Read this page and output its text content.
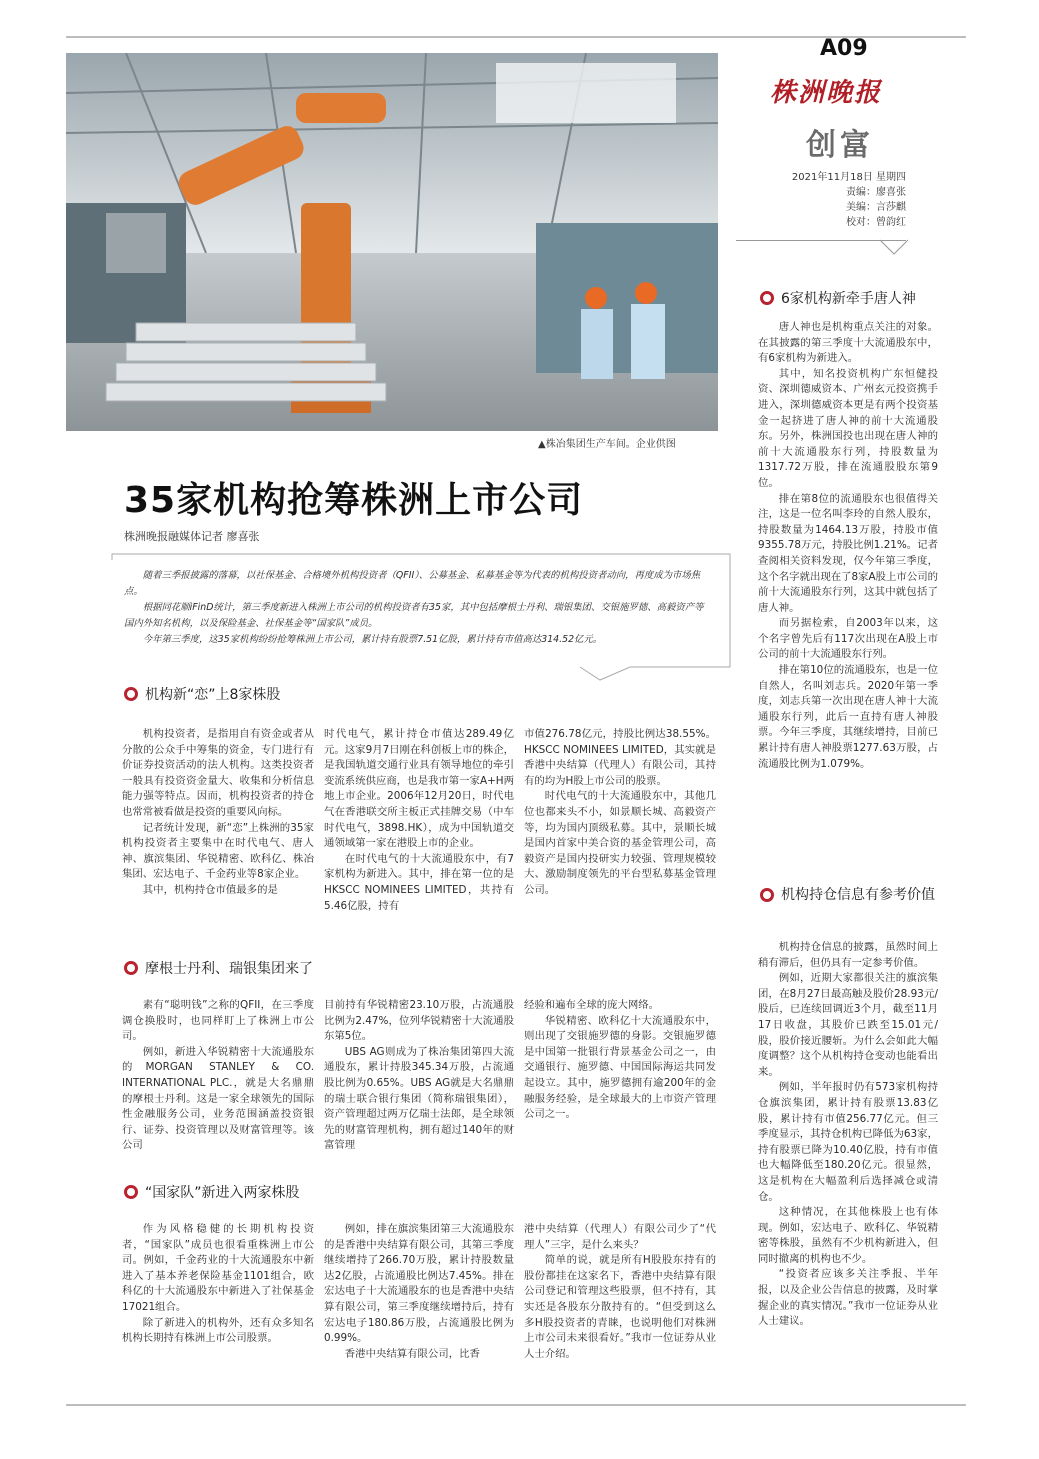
A09
株洲晚报
创富
2021年11月18日 星期四
责编：廖喜张
美编：言莎麒
校对：曾韵红
▲株冶集团生产车间。企业供图
35家机构抢筹株洲上市公司
株洲晚报融媒体记者 廖喜张

随着三季报披露的落幕，以社保基金、合格境外机构投资者（QFII）、公募基金、私募基金等为代表的机构投资者动向，再度成为市场焦点。

根据同花顺iFinD统计，第三季度新进入株洲上市公司的机构投资者有35家，其中包括摩根士丹利、瑞银集团、交银施罗德、高毅资产等国内外知名机构，以及保险基金、社保基金等“国家队”成员。

今年第三季度，这35家机构纷纷抢筹株洲上市公司，累计持有股票7.51亿股，累计持有市值高达314.52亿元。

机构新“恋”上8家株股

机构投资者，是指用自有资金或者从分散的公众手中筹集的资金，专门进行有价证券投资活动的法人机构。这类投资者一般具有投资资金量大、收集和分析信息能力强等特点。因而，机构投资者的持仓也常常被看做是投资的重要风向标。

记者统计发现，新“恋”上株洲的35家机构投资者主要集中在时代电气、唐人神、旗滨集团、华锐精密、欧科亿、株冶集团、宏达电子、千金药业等8家企业。

其中，机构持仓市值最多的是

时代电气，累计持仓市值达289.49亿元。这家9月7日刚在科创板上市的株企，是我国轨道交通行业具有领导地位的牵引变流系统供应商，也是我市第一家A+H两地上市企业。2006年12月20日，时代电气在香港联交所主板正式挂牌交易（中车时代电气，3898.HK），成为中国轨道交通领域第一家在港股上市的企业。

在时代电气的十大流通股东中，有7家机构为新进入。其中，排在第一位的是HKSCC NOMINEES LIMITED，共持有5.46亿股，持有

市值276.78亿元，持股比例达38.55%。HKSCC NOMINEES LIMITED，其实就是香港中央结算（代理人）有限公司，其持有的均为H股上市公司的股票。

时代电气的十大流通股东中，其他几位也都来头不小，如景顺长城、高毅资产等，均为国内顶级私募。其中，景顺长城是国内首家中美合资的基金管理公司，高毅资产是国内投研实力较强、管理规模较大、激励制度领先的平台型私募基金管理公司。

摩根士丹利、瑞银集团来了

素有“聪明钱”之称的QFII，在三季度调仓换股时，也同样盯上了株洲上市公司。

例如，新进入华锐精密十大流通股东的MORGAN STANLEY & CO. INTERNATIONAL PLC.，就是大名鼎鼎的摩根士丹利。这是一家全球领先的国际性金融服务公司，业务范围涵盖投资银行、证券、投资管理以及财富管理等。该公司

目前持有华锐精密23.10万股，占流通股比例为2.47%，位列华锐精密十大流通股东第5位。

UBS AG则成为了株冶集团第四大流通股东，累计持股345.34万股，占流通股比例为0.65%。UBS AG就是大名鼎鼎的瑞士联合银行集团（简称瑞银集团），资产管理超过两万亿瑞士法郎，是全球领先的财富管理机构，拥有超过140年的财富管理

经验和遍布全球的庞大网络。

华锐精密、欧科亿十大流通股东中，则出现了交银施罗德的身影。交银施罗德是中国第一批银行背景基金公司之一，由交通银行、施罗德、中国国际海运共同发起设立。其中，施罗德拥有逾200年的金融服务经验，是全球最大的上市资产管理公司之一。

“国家队”新进入两家株股

作为风格稳健的长期机构投资者，“国家队”成员也很看重株洲上市公司。例如，千金药业的十大流通股东中新进入了基本养老保险基金1101组合，欧科亿的十大流通股东中新进入了社保基金17021组合。

除了新进入的机构外，还有众多知名机构长期持有株洲上市公司股票。

例如，排在旗滨集团第三大流通股东的是香港中央结算有限公司，其第三季度继续增持了266.70万股，累计持股数量达2亿股，占流通股比例达7.45%。排在宏达电子十大流通股东的也是香港中央结算有限公司，第三季度继续增持后，持有宏达电子180.86万股，占流通股比例为0.99%。

香港中央结算有限公司，比香

港中央结算（代理人）有限公司少了“代理人”三字，是什么来头？

简单的说，就是所有H股股东持有的股份都挂在这家名下，香港中央结算有限公司登记和管理这些股票，但不持有，其实还是各股东分散持有的。“但受到这么多H股投资者的青睐，也说明他们对株洲上市公司未来很看好。”我市一位证券从业人士介绍。

6家机构新牵手唐人神

唐人神也是机构重点关注的对象。在其披露的第三季度十大流通股东中，有6家机构为新进入。

其中，知名投资机构广东恒健投资、深圳德威资本、广州玄元投资携手进入，深圳德威资本更是有两个投资基金一起挤进了唐人神的前十大流通股东。另外，株洲国投也出现在唐人神的前十大流通股东行列，持股数量为1317.72万股，排在流通股股东第9位。

排在第8位的流通股东也很值得关注，这是一位名叫李玲的自然人股东，持股数量为1464.13万股，持股市值9355.78万元，持股比例1.21%。记者查阅相关资料发现，仅今年第三季度，这个名字就出现在了8家A股上市公司的前十大流通股东行列，这其中就包括了唐人神。

而另据检索，自2003年以来，这个名字曾先后有117次出现在A股上市公司的前十大流通股东行列。

排在第10位的流通股东，也是一位自然人，名叫刘志兵。2020年第一季度，刘志兵第一次出现在唐人神十大流通股东行列，此后一直持有唐人神股票。今年三季度，其继续增持，目前已累计持有唐人神股票1277.63万股，占流通股比例为1.079%。

机构持仓信息有参考价值

机构持仓信息的披露，虽然时间上稍有滞后，但仍具有一定参考价值。

例如，近期大家都很关注的旗滨集团，在8月27日最高触及股价28.93元/股后，已连续回调近3个月，截至11月17日收盘，其股价已跌至15.01元/股，股价接近腰斩。为什么会如此大幅度调整？这个从机构持仓变动也能看出来。

例如，半年报时仍有573家机构持仓旗滨集团，累计持有股票13.83亿股，累计持有市值256.77亿元。但三季度显示，其持仓机构已降低为63家，持有股票已降为10.40亿股，持有市值也大幅降低至180.20亿元。很显然，这是机构在大幅盈利后选择减仓或清仓。

这种情况，在其他株股上也有体现。例如，宏达电子、欧科亿、华锐精密等株股，虽然有不少机构新进入，但同时撤离的机构也不少。

“投资者应该多关注季报、半年报，以及企业公告信息的披露，及时掌握企业的真实情况。”我市一位证券从业人士建议。
